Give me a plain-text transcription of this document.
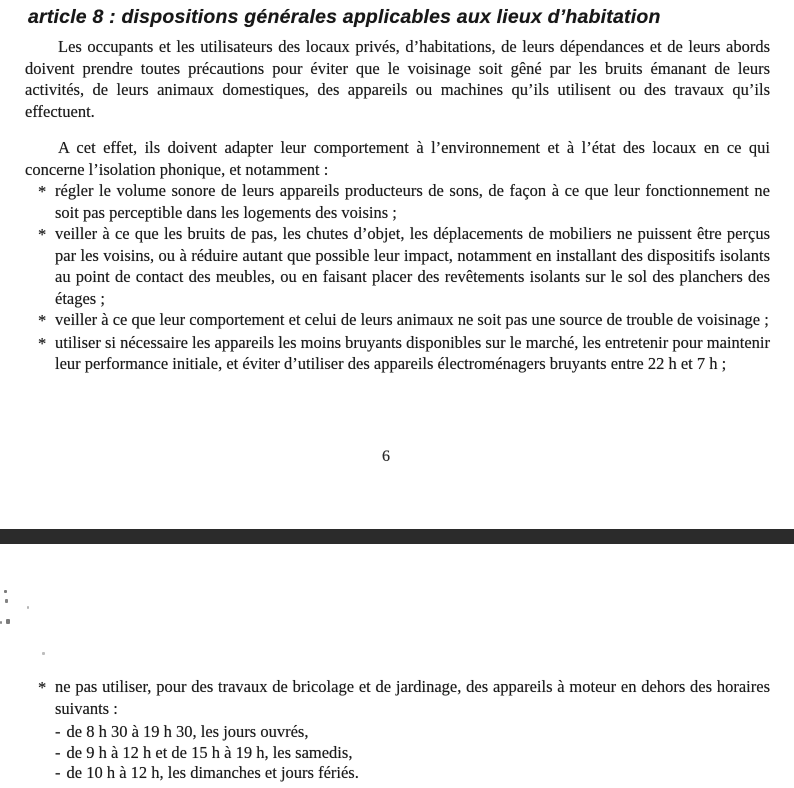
article 8 : dispositions générales applicables aux lieux d’habitation

Les occupants et les utilisateurs des locaux privés, d’habitations, de leurs dépendances et de leurs abords doivent prendre toutes précautions pour éviter que le voisinage soit gêné par les bruits émanant de leurs activités, de leurs animaux domestiques, des appareils ou machines qu’ils utilisent ou des travaux qu’ils effectuent.

A cet effet, ils doivent adapter leur comportement à l’environnement et à l’état des locaux en ce qui concerne l’isolation phonique, et notamment :

* régler le volume sonore de leurs appareils producteurs de sons, de façon à ce que leur fonctionnement ne soit pas perceptible dans les logements des voisins ;
* veiller à ce que les bruits de pas, les chutes d’objet, les déplacements de mobiliers ne puissent être perçus par les voisins, ou à réduire autant que possible leur impact, notamment en installant des dispositifs isolants au point de contact des meubles, ou en faisant placer des revêtements isolants sur le sol des planchers des étages ;
* veiller à ce que leur comportement et celui de leurs animaux ne soit pas une source de trouble de voisinage ;
* utiliser si nécessaire les appareils les moins bruyants disponibles sur le marché, les entretenir pour maintenir leur performance initiale, et éviter d’utiliser des appareils électroménagers bruyants entre 22 h et 7 h ;
6
* ne pas utiliser, pour des travaux de bricolage et de jardinage, des appareils à moteur en dehors des horaires suivants :
- de 8 h 30 à 19 h 30, les jours ouvrés,
- de 9 h à 12 h et de 15 h à 19 h, les samedis,
- de 10 h à 12 h, les dimanches et jours fériés.
